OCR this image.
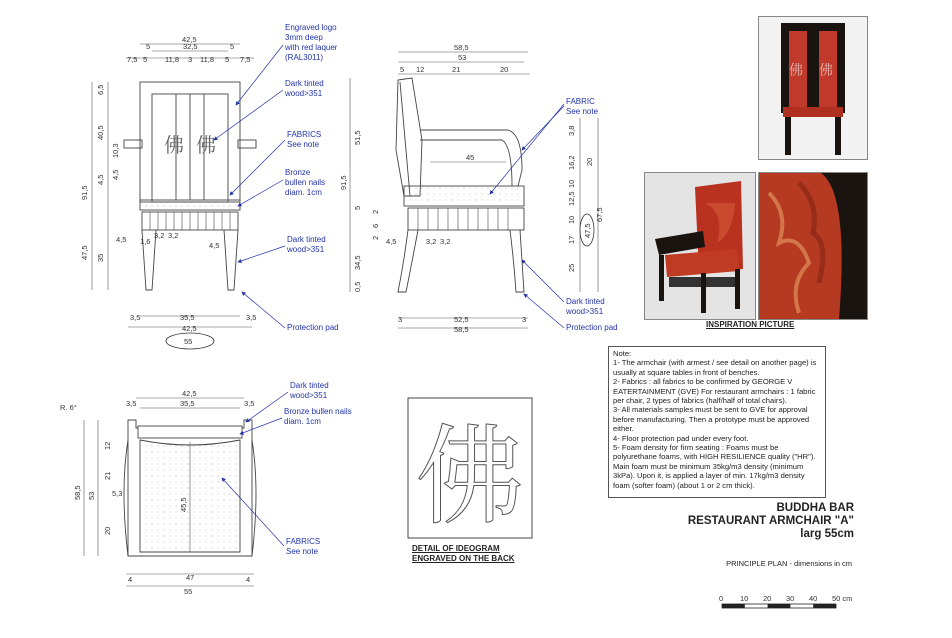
佛 佛
42,5
32,5
5	5
7,5 5 11,8 3 11,8 5 7,5
91,5
47,5 35
40,5
10,3
4,5
4,5
6,5
3,5	35,5	3,5
42,5
55
4,5 1,6
3,2 3,2
4,5
Engraved logo
3mm deep
with red laquer
(RAL3011)
Dark tinted
wood>351
FABRICS
See note
Bronze
bullen nails
diam. 1cm
Dark tinted
wood>351
Protection pad
58,5
53
12	21	20
5
91,5
51,5
34,5
5
0,5
2
6
2
3,8
16,2 20
10
12,5
10
17
25
67,5
47,5
45
3	52,5	3
58,5
4,5	3,2 3,2
FABRIC
See note
Dark tinted
wood>351
Protection pad
42,5
35,5
3,5	3,5
R. 6°
58,5 53
12
21
20
5,3
45,5
4	47	4
55
Dark tinted
wood>351
Bronze bullen nails
diam. 1cm
FABRICS
See note
佛
0 10 20 30 40 50 cm
佛 佛
INSPIRATION PICTURE
Note:
1- The armchair (with armest / see detail on another page) is usually at square tables in front of benches.
2- Fabrics : all fabrics to be confirmed by GEORGE V EATERTAINMENT (GVE) For restaurant armchairs : 1 fabric per chair, 2 types of fabrics (half/half of total chairs).
3- All materials samples must be sent to GVE for approval before manufacturing. Then a prototype must be approved either.
4- Floor protection pad under every foot.
5- Foam density for firm seating : Foams must be polyurethane foams, with HIGH RESILIENCE quality ("HR"). Main foam must be minimum 35kg/m3 density (minimum 3kPa). Upon it, is applied a layer of min. 17kg/m3 density foam (softer foam) (about 1 or 2 cm thick).
BUDDHA BAR
RESTAURANT ARMCHAIR "A"
larg 55cm
PRINCIPLE PLAN - dimensions in cm
DETAIL OF IDEOGRAM
ENGRAVED ON THE BACK
